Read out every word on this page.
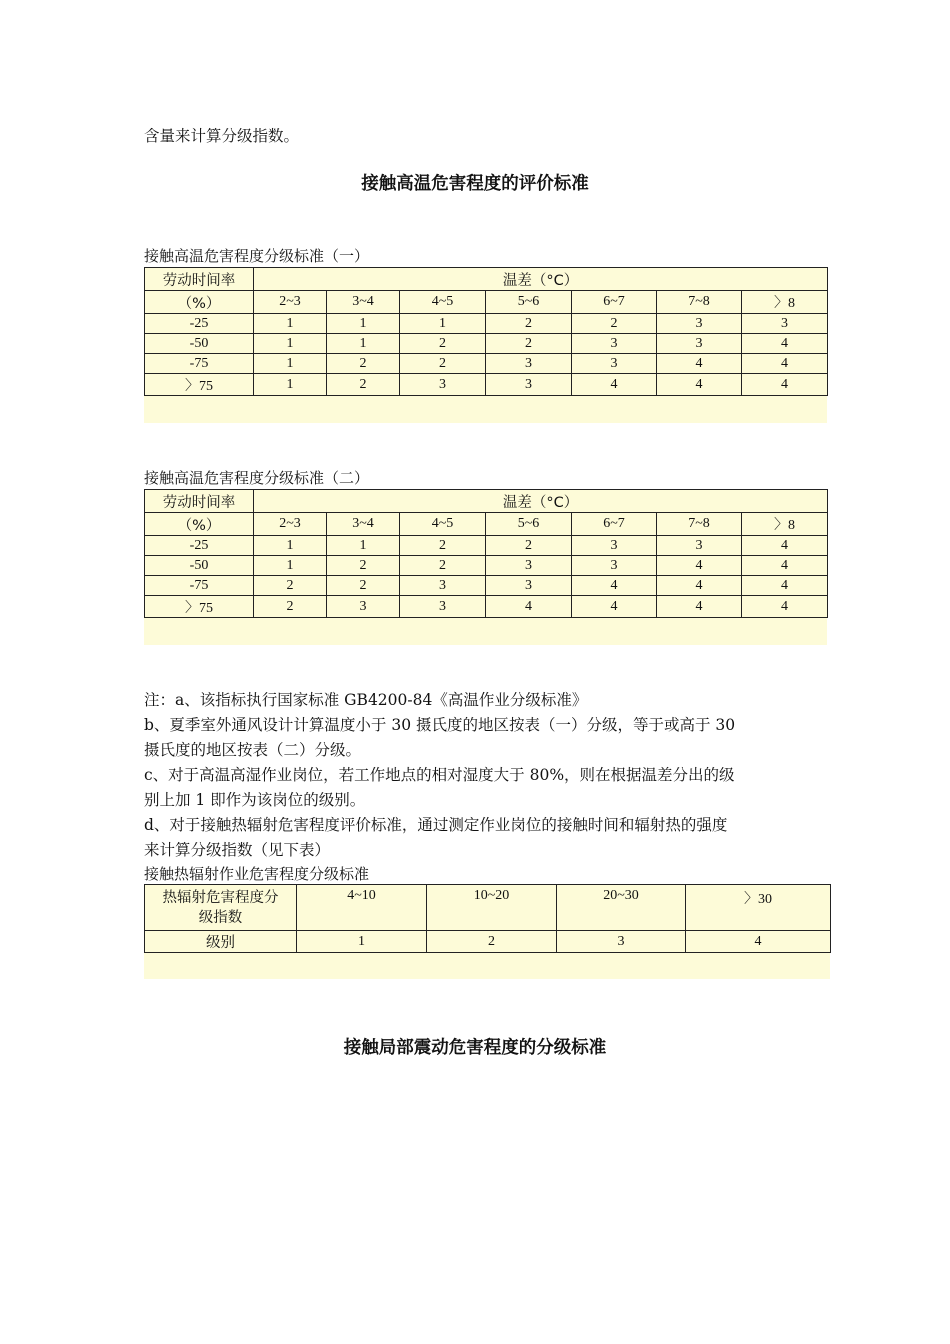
含量来计算分级指数。
接触高温危害程度的评价标准
接触高温危害程度分级标准（一）
劳动时间率	温差（°C）						
（%）	2~3	3~4	4~5	5~6	6~7	7~8	〉8
-25	1	1	1	2	2	3	3
-50	1	1	2	2	3	3	4
-75	1	2	2	3	3	4	4
〉75	1	2	3	3	4	4	4
接触高温危害程度分级标准（二）
劳动时间率	温差（°C）						
（%）	2~3	3~4	4~5	5~6	6~7	7~8	〉8
-25	1	1	2	2	3	3	4
-50	1	2	2	3	3	4	4
-75	2	2	3	3	4	4	4
〉75	2	3	3	4	4	4	4
注：a、该指标执行国家标准 GB4200-84《高温作业分级标准》
b、夏季室外通风设计计算温度小于 30 摄氏度的地区按表（一）分级，等于或高于 30
摄氏度的地区按表（二）分级。
c、对于高温高湿作业岗位，若工作地点的相对湿度大于 80%，则在根据温差分出的级
别上加 1 即作为该岗位的级别。
d、对于接触热辐射危害程度评价标准，通过测定作业岗位的接触时间和辐射热的强度
来计算分级指数（见下表）
接触热辐射作业危害程度分级标准
热辐射危害程度分
级指数	4~10	10~20	20~30	〉30
级别	1	2	3	4
接触局部震动危害程度的分级标准
